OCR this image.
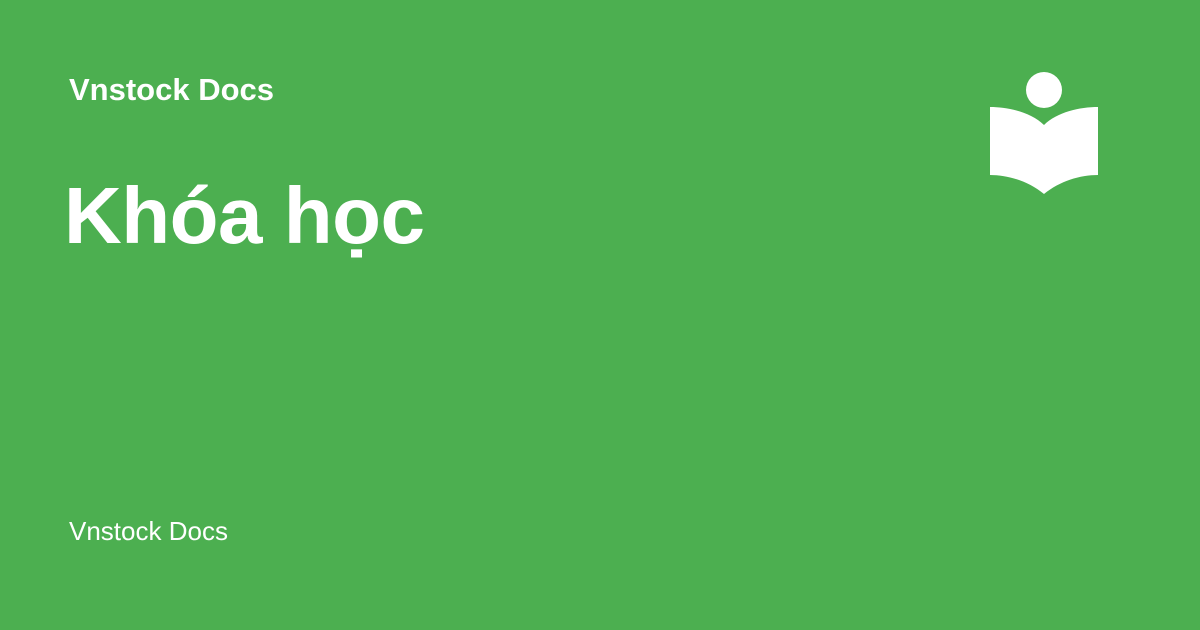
Vnstock Docs
Khóa học
Vnstock Docs
